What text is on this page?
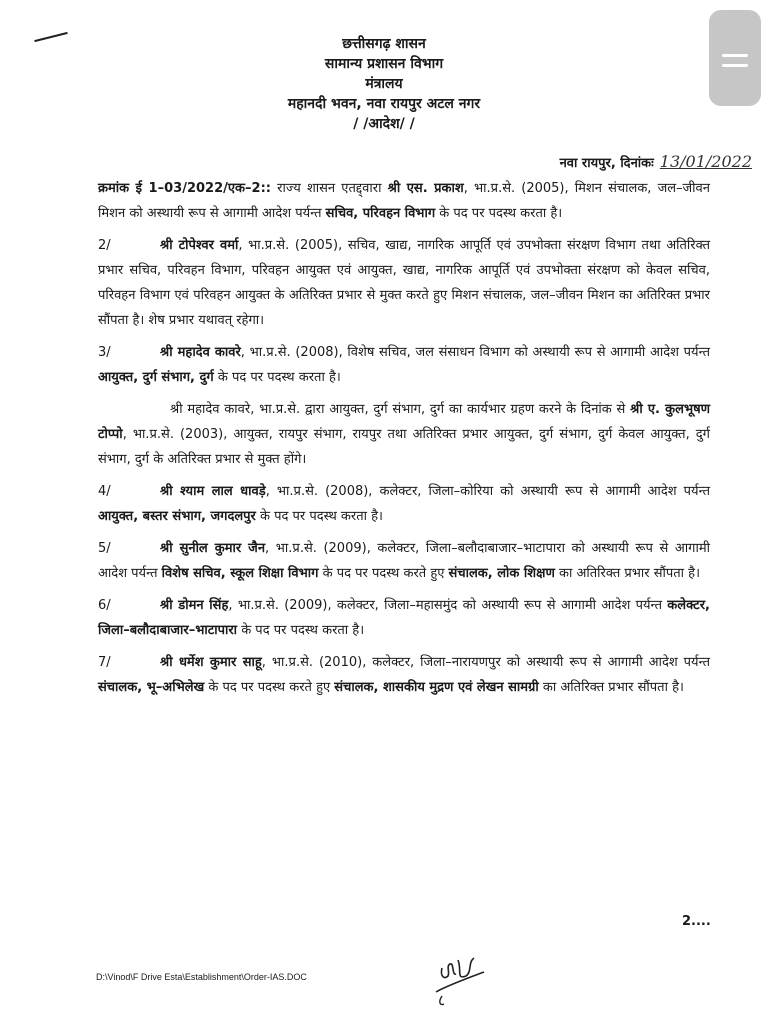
छत्तीसगढ़ शासन
सामान्य प्रशासन विभाग
मंत्रालय
महानदी भवन, नवा रायपुर अटल नगर
/ /आदेश/ /
नवा रायपुर, दिनांकः 13/01/2022

क्रमांक ई 1–03/2022/एक–2:: राज्य शासन एतद्द्वारा श्री एस. प्रकाश, भा.प्र.से. (2005), मिशन संचालक, जल–जीवन मिशन को अस्थायी रूप से आगामी आदेश पर्यन्त सचिव, परिवहन विभाग के पद पर पदस्थ करता है।

2/	श्री टोपेश्वर वर्मा, भा.प्र.से. (2005), सचिव, खाद्य, नागरिक आपूर्ति एवं उपभोक्ता संरक्षण विभाग तथा अतिरिक्त प्रभार सचिव, परिवहन विभाग, परिवहन आयुक्त एवं आयुक्त, खाद्य, नागरिक आपूर्ति एवं उपभोक्ता संरक्षण को केवल सचिव, परिवहन विभाग एवं परिवहन आयुक्त के अतिरिक्त प्रभार से मुक्त करते हुए मिशन संचालक, जल–जीवन मिशन का अतिरिक्त प्रभार सौंपता है। शेष प्रभार यथावत् रहेगा।

3/	श्री महादेव कावरे, भा.प्र.से. (2008), विशेष सचिव, जल संसाधन विभाग को अस्थायी रूप से आगामी आदेश पर्यन्त आयुक्त, दुर्ग संभाग, दुर्ग के पद पर पदस्थ करता है।

श्री महादेव कावरे, भा.प्र.से. द्वारा आयुक्त, दुर्ग संभाग, दुर्ग का कार्यभार ग्रहण करने के दिनांक से श्री ए. कुलभूषण टोप्पो, भा.प्र.से. (2003), आयुक्त, रायपुर संभाग, रायपुर तथा अतिरिक्त प्रभार आयुक्त, दुर्ग संभाग, दुर्ग केवल आयुक्त, दुर्ग संभाग, दुर्ग के अतिरिक्त प्रभार से मुक्त होंगे।

4/	श्री श्याम लाल धावड़े, भा.प्र.से. (2008), कलेक्टर, जिला–कोरिया को अस्थायी रूप से आगामी आदेश पर्यन्त आयुक्त, बस्तर संभाग, जगदलपुर के पद पर पदस्थ करता है।

5/	श्री सुनील कुमार जैन, भा.प्र.से. (2009), कलेक्टर, जिला–बलौदाबाजार–भाटापारा को अस्थायी रूप से आगामी आदेश पर्यन्त विशेष सचिव, स्कूल शिक्षा विभाग के पद पर पदस्थ करते हुए संचालक, लोक शिक्षण का अतिरिक्त प्रभार सौंपता है।

6/	श्री डोमन सिंह, भा.प्र.से. (2009), कलेक्टर, जिला–महासमुंद को अस्थायी रूप से आगामी आदेश पर्यन्त कलेक्टर, जिला–बलौदाबाजार–भाटापारा के पद पर पदस्थ करता है।

7/	श्री धर्मेश कुमार साहू, भा.प्र.से. (2010), कलेक्टर, जिला–नारायणपुर को अस्थायी रूप से आगामी आदेश पर्यन्त संचालक, भू–अभिलेख के पद पर पदस्थ करते हुए संचालक, शासकीय मुद्रण एवं लेखन सामग्री का अतिरिक्त प्रभार सौंपता है।

2....
D:\Vinod\F Drive Esta\Establishment\Order-IAS.DOC
